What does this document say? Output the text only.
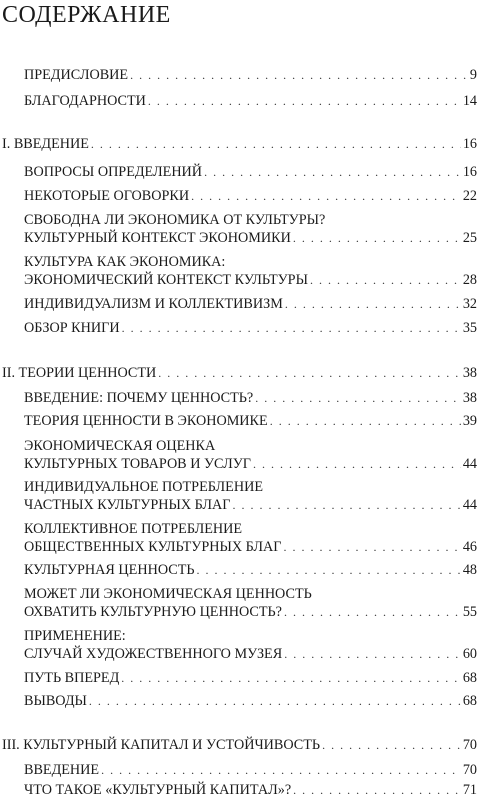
СОДЕРЖАНИЕ
ПРЕДИСЛОВИЕ . . .	9
БЛАГОДАРНОСТИ . . .	14
I. ВВЕДЕНИЕ . . .	16
ВОПРОСЫ ОПРЕДЕЛЕНИЙ . . .	16
НЕКОТОРЫЕ ОГОВОРКИ . . .	22
СВОБОДНА ЛИ ЭКОНОМИКА ОТ КУЛЬТУРЫ?
КУЛЬТУРНЫЙ КОНТЕКСТ ЭКОНОМИКИ . . .	25
КУЛЬТУРА КАК ЭКОНОМИКА:
ЭКОНОМИЧЕСКИЙ КОНТЕКСТ КУЛЬТУРЫ . . .	28
ИНДИВИДУАЛИЗМ И КОЛЛЕКТИВИЗМ . . .	32
ОБЗОР КНИГИ . . .	35
II. ТЕОРИИ ЦЕННОСТИ . . .	38
ВВЕДЕНИЕ: ПОЧЕМУ ЦЕННОСТЬ? . . .	38
ТЕОРИЯ ЦЕННОСТИ В ЭКОНОМИКЕ . . .	39
ЭКОНОМИЧЕСКАЯ ОЦЕНКА
КУЛЬТУРНЫХ ТОВАРОВ И УСЛУГ . . .	44
ИНДИВИДУАЛЬНОЕ ПОТРЕБЛЕНИЕ
ЧАСТНЫХ КУЛЬТУРНЫХ БЛАГ . . .	44
КОЛЛЕКТИВНОЕ ПОТРЕБЛЕНИЕ
ОБЩЕСТВЕННЫХ КУЛЬТУРНЫХ БЛАГ . . .	46
КУЛЬТУРНАЯ ЦЕННОСТЬ . . .	48
МОЖЕТ ЛИ ЭКОНОМИЧЕСКАЯ ЦЕННОСТЬ
ОХВАТИТЬ КУЛЬТУРНУЮ ЦЕННОСТЬ? . . .	55
ПРИМЕНЕНИЕ:
СЛУЧАЙ ХУДОЖЕСТВЕННОГО МУЗЕЯ . . .	60
ПУТЬ ВПЕРЕД . . .	68
ВЫВОДЫ . . .	68
III. КУЛЬТУРНЫЙ КАПИТАЛ И УСТОЙЧИВОСТЬ . . .	70
ВВЕДЕНИЕ . . .	70
ЧТО ТАКОЕ «КУЛЬТУРНЫЙ КАПИТАЛ»? . . .	71
